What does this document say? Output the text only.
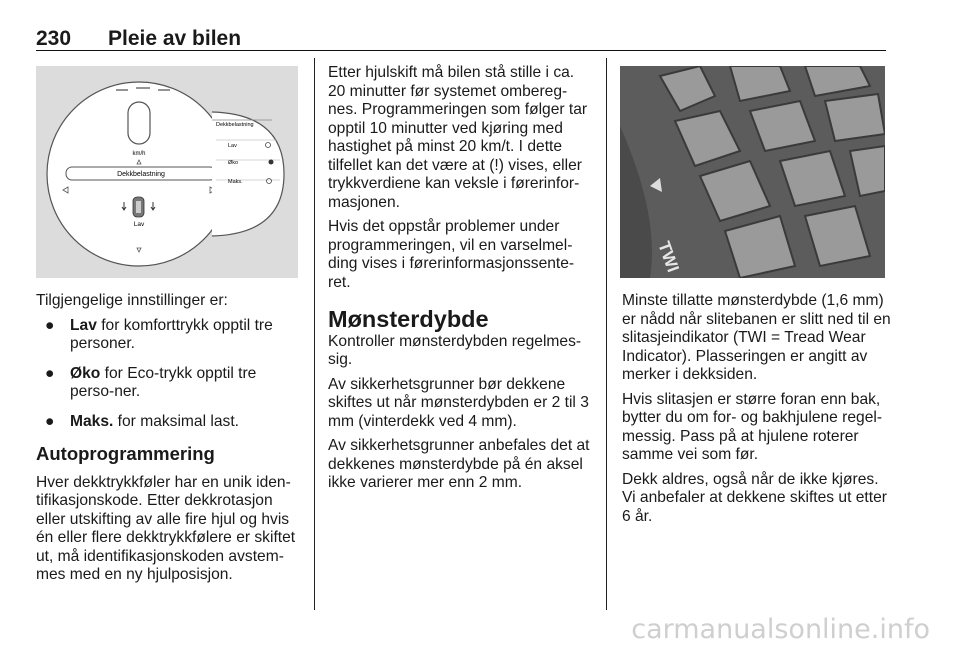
230 Pleie av bilen
km/h
Dekkbelastning
Lav
Dekkbelastning
Lav
Øko
Maks.

Tilgjengelige innstillinger er:

● Lav for komforttrykk opptil tre personer.
● Øko for Eco-trykk opptil tre perso-ner.
● Maks. for maksimal last.
Autoprogrammering

Hver dekktrykkføler har en unik iden-tifikasjonskode. Etter dekkrotasjon eller utskifting av alle fire hjul og hvis én eller flere dekktrykkfølere er skiftet ut, må identifikasjonskoden avstem-mes med en ny hjulposisjon.

Etter hjulskift må bilen stå stille i ca. 20 minutter før systemet ombereg-nes. Programmeringen som følger tar opptil 10 minutter ved kjøring med hastighet på minst 20 km/t. I dette tilfellet kan det være at (!) vises, eller trykkverdiene kan veksle i førerinfor-masjonen.

Hvis det oppstår problemer under programmeringen, vil en varselmel-ding vises i førerinformasjonssente-ret.

Mønsterdybde

Kontroller mønsterdybden regelmes-sig.

Av sikkerhetsgrunner bør dekkene skiftes ut når mønsterdybden er 2 til 3 mm (vinterdekk ved 4 mm).

Av sikkerhetsgrunner anbefales det at dekkenes mønsterdybde på én aksel ikke varierer mer enn 2 mm.

TWI

Minste tillatte mønsterdybde (1,6 mm) er nådd når slitebanen er slitt ned til en slitasjeindikator (TWI = Tread Wear Indicator). Plasseringen er angitt av merker i dekksiden.

Hvis slitasjen er større foran enn bak, bytter du om for- og bakhjulene regel-messig. Pass på at hjulene roterer samme vei som før.

Dekk aldres, også når de ikke kjøres. Vi anbefaler at dekkene skiftes ut etter 6 år.

carmanualsonline.info
